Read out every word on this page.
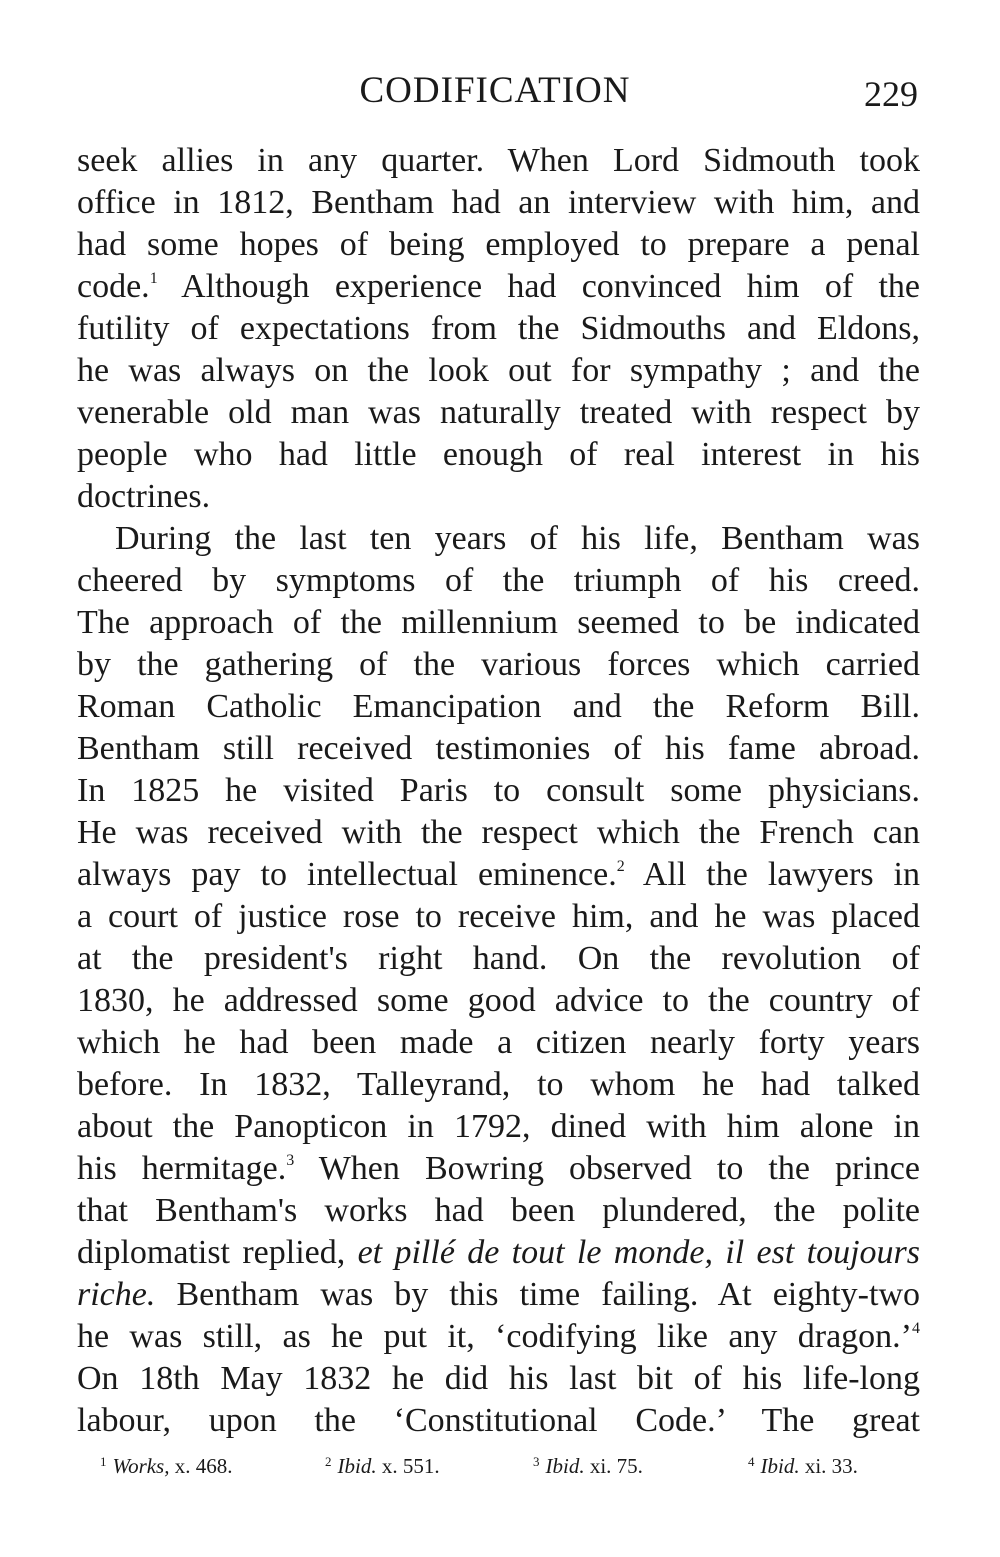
CODIFICATION	229
seek allies in any quarter. When Lord Sidmouth took
office in 1812, Bentham had an interview with him, and
had some hopes of being employed to prepare a penal
code.$^1$ Although experience had convinced him of the
futility of expectations from the Sidmouths and Eldons,
he was always on the look out for sympathy ; and the
venerable old man was naturally treated with respect by
people who had little enough of real interest in his
doctrines.
During the last ten years of his life, Bentham was
cheered by symptoms of the triumph of his creed.
The approach of the millennium seemed to be indicated
by the gathering of the various forces which carried
Roman Catholic Emancipation and the Reform Bill.
Bentham still received testimonies of his fame abroad.
In 1825 he visited Paris to consult some physicians.
He was received with the respect which the French can
always pay to intellectual eminence.$^2$ All the lawyers in
a court of justice rose to receive him, and he was placed
at the president's right hand. On the revolution of
1830, he addressed some good advice to the country of
which he had been made a citizen nearly forty years
before. In 1832, Talleyrand, to whom he had talked
about the Panopticon in 1792, dined with him alone in
his hermitage.$^3$ When Bowring observed to the prince
that Bentham's works had been plundered, the polite
diplomatist replied, et pillé de tout le monde, il est toujours
riche. Bentham was by this time failing. At eighty-two
he was still, as he put it, ‘codifying like any dragon.’$^4$
On 18th May 1832 he did his last bit of his life-long
labour, upon the ‘Constitutional Code.’ The great
$^1$ Works, x. 468.	$^2$ Ibid. x. 551.	$^3$ Ibid. xi. 75.	$^4$ Ibid. xi. 33.
